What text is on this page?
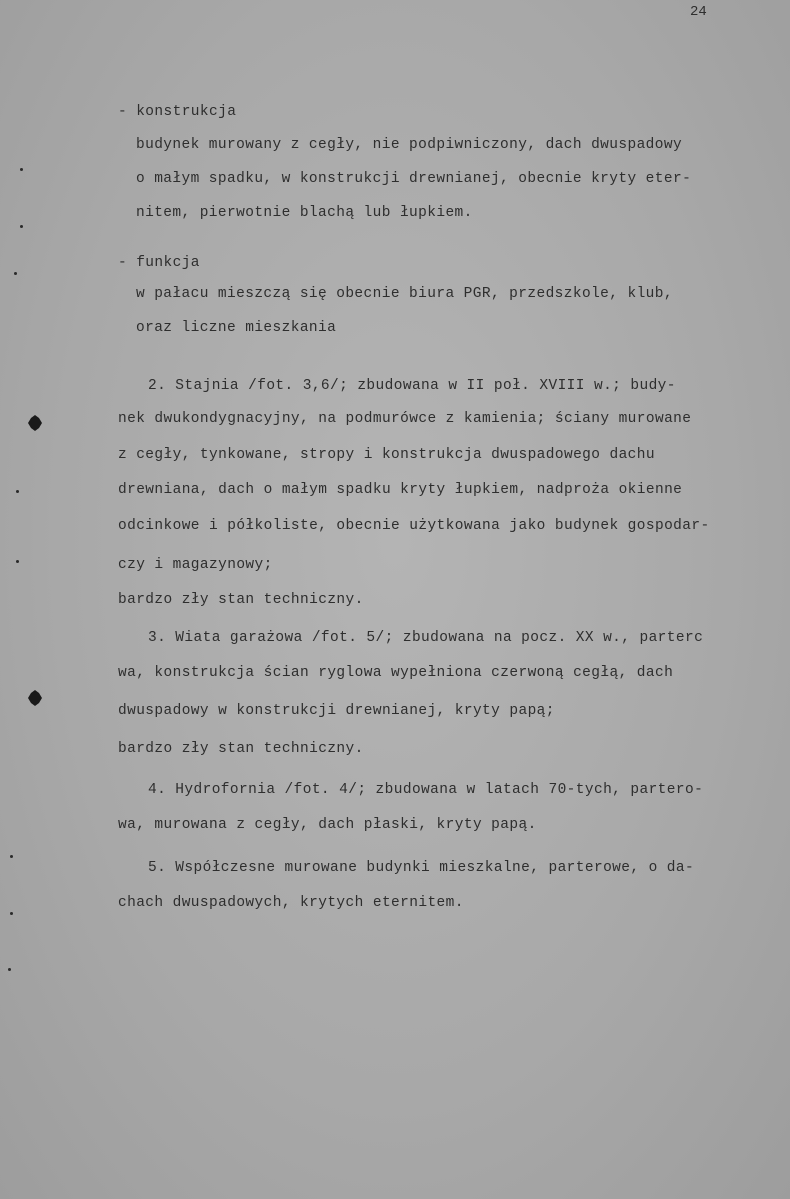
24
- konstrukcja
budynek murowany z cegły, nie podpiwniczony, dach dwuspadowy
o małym spadku, w konstrukcji drewnianej, obecnie kryty eter-
nitem, pierwotnie blachą lub łupkiem.
- funkcja
w pałacu mieszczą się obecnie biura PGR, przedszkole, klub,
oraz liczne mieszkania
2. Stajnia /fot. 3,6/; zbudowana w II poł. XVIII w.; budy-
nek dwukondygnacyjny, na podmurówce z kamienia; ściany murowane
z cegły, tynkowane, stropy i konstrukcja dwuspadowego dachu
drewniana, dach o małym spadku kryty łupkiem, nadproża okienne
odcinkowe i półkoliste, obecnie użytkowana jako budynek gospodar-
czy i magazynowy;
bardzo zły stan techniczny.
3. Wiata garażowa /fot. 5/; zbudowana na pocz. XX w., parterc
wa, konstrukcja ścian ryglowa wypełniona czerwoną cegłą, dach
dwuspadowy w konstrukcji drewnianej, kryty papą;
bardzo zły stan techniczny.
4. Hydrofornia /fot. 4/; zbudowana w latach 70-tych, partero-
wa, murowana z cegły, dach płaski, kryty papą.
5. Współczesne murowane budynki mieszkalne, parterowe, o da-
chach dwuspadowych, krytych eternitem.
